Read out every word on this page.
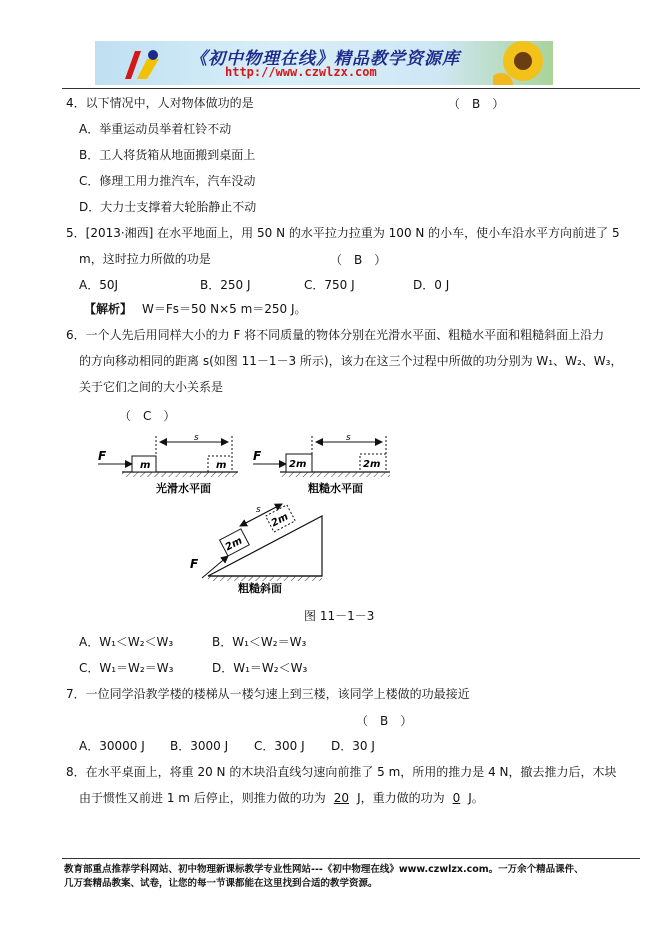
《初中物理在线》精品教学资源库
http://www.czwlzx.com
4．以下情况中，人对物体做功的是	（　B　）
A．举重运动员举着杠铃不动
B．工人将货箱从地面搬到桌面上
C．修理工用力推汽车，汽车没动
D．大力士支撑着大轮胎静止不动
5．[2013·湘西] 在水平地面上，用 50 N 的水平拉力拉重为 100 N 的小车，使小车沿水平方向前进了 5
m，这时拉力所做的功是	（　B　）
A．50J	B．250 J	C．750 J	D．0 J
【解析】 W＝Fs＝50 N×5 m＝250 J。
6．一个人先后用同样大小的力 F 将不同质量的物体分别在光滑水平面、粗糙水平面和粗糙斜面上沿力
的方向移动相同的距离 s(如图 11－1－3 所示)，该力在这三个过程中所做的功分别为 W₁、W₂、W₃，
关于它们之间的大小关系是
（　C　）
F
m	m
s
光滑水平面
F
2m	2m
s
粗糙水平面
F
2m
2m
s
粗糙斜面
图 11－1－3
A．W₁＜W₂＜W₃	B．W₁＜W₂＝W₃
C．W₁＝W₂＝W₃	D．W₁＝W₂＜W₃
7．一位同学沿教学楼的楼梯从一楼匀速上到三楼，该同学上楼做的功最接近
（　B　）
A．30000 J B．3000 J C．300 J D．30 J
8．在水平桌面上，将重 20 N 的木块沿直线匀速向前推了 5 m，所用的推力是 4 N，撤去推力后，木块
由于惯性又前进 1 m 后停止，则推力做的功为 20 J，重力做的功为 0 J。
教育部重点推荐学科网站、初中物理新课标教学专业性网站---《初中物理在线》www.czwlzx.com。一万余个精品课件、
几万套精品教案、试卷，让您的每一节课都能在这里找到合适的教学资源。
